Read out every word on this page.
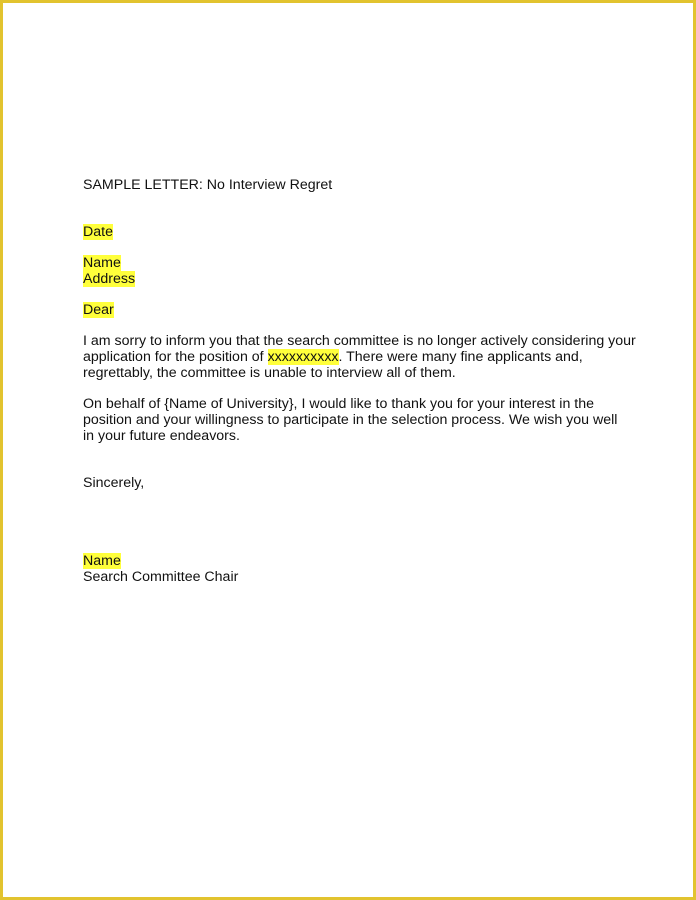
SAMPLE LETTER: No Interview Regret
Date
Name
Address
Dear
I am sorry to inform you that the search committee is no longer actively considering your
application for the position of xxxxxxxxxx. There were many fine applicants and,
regrettably, the committee is unable to interview all of them.
On behalf of {Name of University}, I would like to thank you for your interest in the
position and your willingness to participate in the selection process. We wish you well
in your future endeavors.
Sincerely,
Name
Search Committee Chair
